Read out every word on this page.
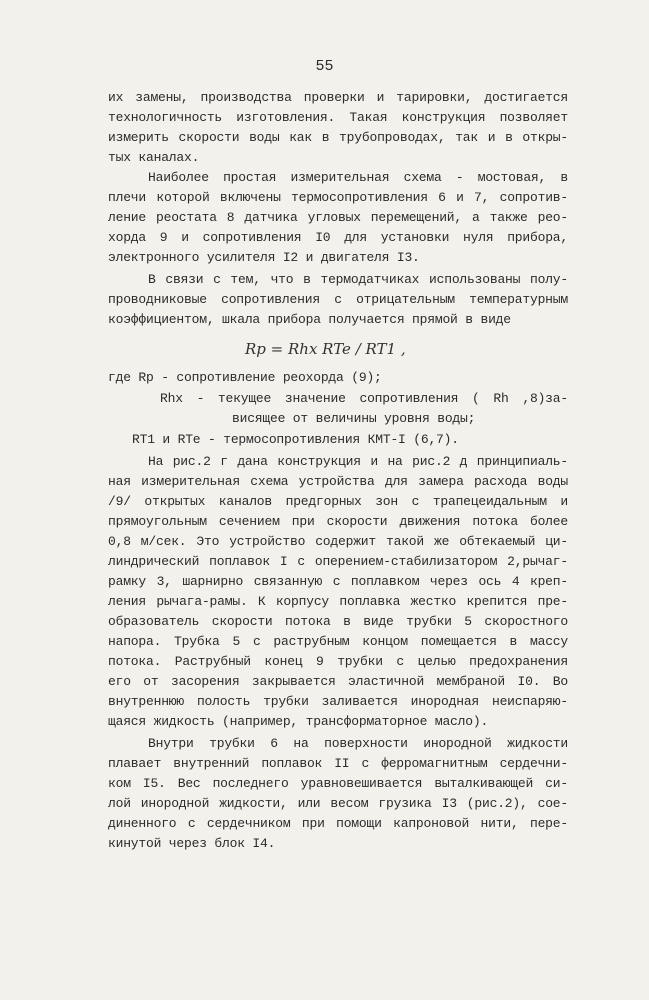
55
их замены, производства проверки и тарировки, достигается
технологичность изготовления. Такая конструкция позволяет
измерить скорости воды как в трубопроводах, так и в откры-
тых каналах.
Наиболее простая измерительная схема - мостовая, в
плечи которой включены термосопротивления 6 и 7, сопротив-
ление реостата 8 датчика угловых перемещений, а также рео-
хорда 9 и сопротивления I0 для установки нуля прибора,
электронного усилителя I2 и двигателя I3.
В связи с тем, что в термодатчиках использованы полу-
проводниковые сопротивления с отрицательным температурным
коэффициентом, шкала прибора получается прямой в виде
Rp = Rhx RTe / RT1 ,
где Rp - сопротивление реохорда (9);
Rhx - текущее значение сопротивления ( Rh ,8)за-
висящее от величины уровня воды;
RT1 и RTe - термосопротивления КМТ-I (6,7).
На рис.2 г дана конструкция и на рис.2 д принципиаль-
ная измерительная схема устройства для замера расхода воды
/9/ открытых каналов предгорных зон с трапецеидальным и
прямоугольным сечением при скорости движения потока более
0,8 м/сек. Это устройство содержит такой же обтекаемый ци-
линдрический поплавок I с оперением-стабилизатором 2,рычаг-
рамку 3, шарнирно связанную с поплавком через ось 4 креп-
ления рычага-рамы. К корпусу поплавка жестко крепится пре-
образователь скорости потока в виде трубки 5 скоростного
напора. Трубка 5 с раструбным концом помещается в массу
потока. Раструбный конец 9 трубки с целью предохранения
его от засорения закрывается эластичной мембраной I0. Во
внутреннюю полость трубки заливается инородная неиспаряю-
щаяся жидкость (например, трансформаторное масло).
Внутри трубки 6 на поверхности инородной жидкости
плавает внутренний поплавок II с ферромагнитным сердечни-
ком I5. Вес последнего уравновешивается выталкивающей си-
лой инородной жидкости, или весом грузика I3 (рис.2), сое-
диненного с сердечником при помощи капроновой нити, пере-
кинутой через блок I4.
